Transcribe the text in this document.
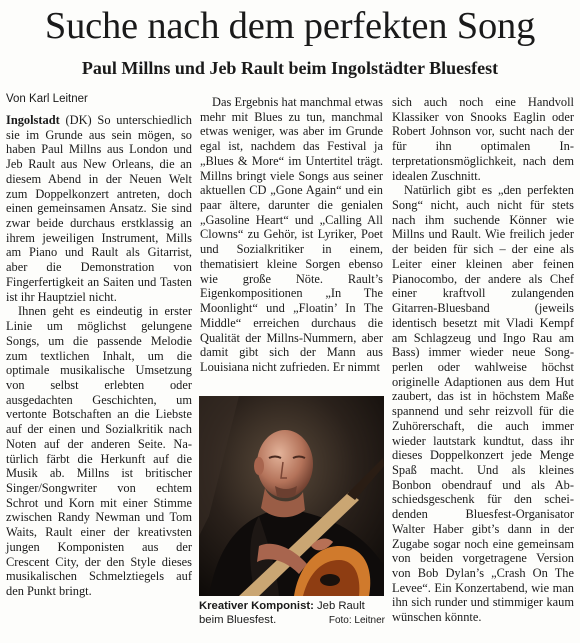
Suche nach dem perfekten Song
Paul Millns und Jeb Rault beim Ingolstädter Bluesfest
Von Karl Leitner

Ingolstadt (DK) So unterschiedlich sie im Grunde aus sein mögen, so haben Paul Millns aus London und Jeb Rault aus New Orleans, die an diesem Abend in der Neuen Welt zum Doppelkonzert antreten, doch einen gemeinsamen Ansatz. Sie sind zwar beide durchaus erstklassig an ihrem jeweiligen Instrument, Mills am Piano und Rault als Gitarrist, aber die Demonstration von Fingerfertigkeit an Saiten und Tasten ist ihr Hauptziel nicht.

Ihnen geht es eindeutig in erster Linie um möglichst gelungene Songs, um die passende Melodie zum textlichen Inhalt, um die optimale musikalische Umsetzung von selbst erlebten oder ausgedachten Geschichten, um vertonte Botschaften an die Liebste auf der einen und Sozialkritik nach Noten auf der anderen Seite. Natürlich färbt die Herkunft auf die Musik ab. Millns ist britischer Singer/Songwriter von echtem Schrot und Korn mit einer Stimme zwischen Randy Newman und Tom Waits, Rault einer der kreativsten jungen Komponisten aus der Crescent City, der den Style dieses musikalischen Schmelztiegels auf den Punkt bringt.

Das Ergebnis hat manchmal etwas mehr mit Blues zu tun, manchmal etwas weniger, was aber im Grunde egal ist, nachdem das Festival ja „Blues & More“ im Untertitel trägt. Millns bringt viele Songs aus seiner aktuellen CD „Gone Again“ und ein paar ältere, darunter die genialen „Gasoline Heart“ und „Calling All Clowns“ zu Gehör, ist Lyriker, Poet und Sozialkritiker in einem, thematisiert kleine Sorgen ebenso wie große Nöte. Rault’s Eigenkompositionen „In The Moonlight“ und „Floatin’ In The Middle“ erreichen durchaus die Qualität der Millns-Nummern, aber damit gibt sich der Mann aus Louisiana nicht zufrieden. Er nimmt

sich auch noch eine Handvoll Klassiker von Snooks Eaglin oder Robert Johnson vor, sucht nach der für ihn optimalen Interpretationsmöglichkeit, nach dem idealen Zuschnitt.

Natürlich gibt es „den perfekten Song“ nicht, auch nicht für stets nach ihm suchende Könner wie Millns und Rault. Wie freilich jeder der beiden für sich – der eine als Leiter einer kleinen aber feinen Pianocombo, der andere als Chef einer kraftvoll zulangenden Gitarren-Bluesband (jeweils identisch besetzt mit Vladi Kempf am Schlagzeug und Ingo Rau am Bass) immer wieder neue Songperlen oder wahlweise höchst originelle Adaptionen aus dem Hut zaubert, das ist in höchstem Maße spannend und sehr reizvoll für die Zuhörerschaft, die auch immer wieder lautstark kundtut, dass ihr dieses Doppelkonzert jede Menge Spaß macht. Und als kleines Bonbon obendrauf und als Abschiedsgeschenk für den scheidenden Bluesfest-Organisator Walter Haber gibt’s dann in der Zugabe sogar noch eine gemeinsam von beiden vorgetragene Version von Bob Dylan’s „Crash On The Levee“. Ein Konzertabend, wie man ihn sich runder und stimmiger kaum wünschen könnte.

Kreativer Komponist: Jeb Rault beim Bluesfest.	Foto: Leitner
